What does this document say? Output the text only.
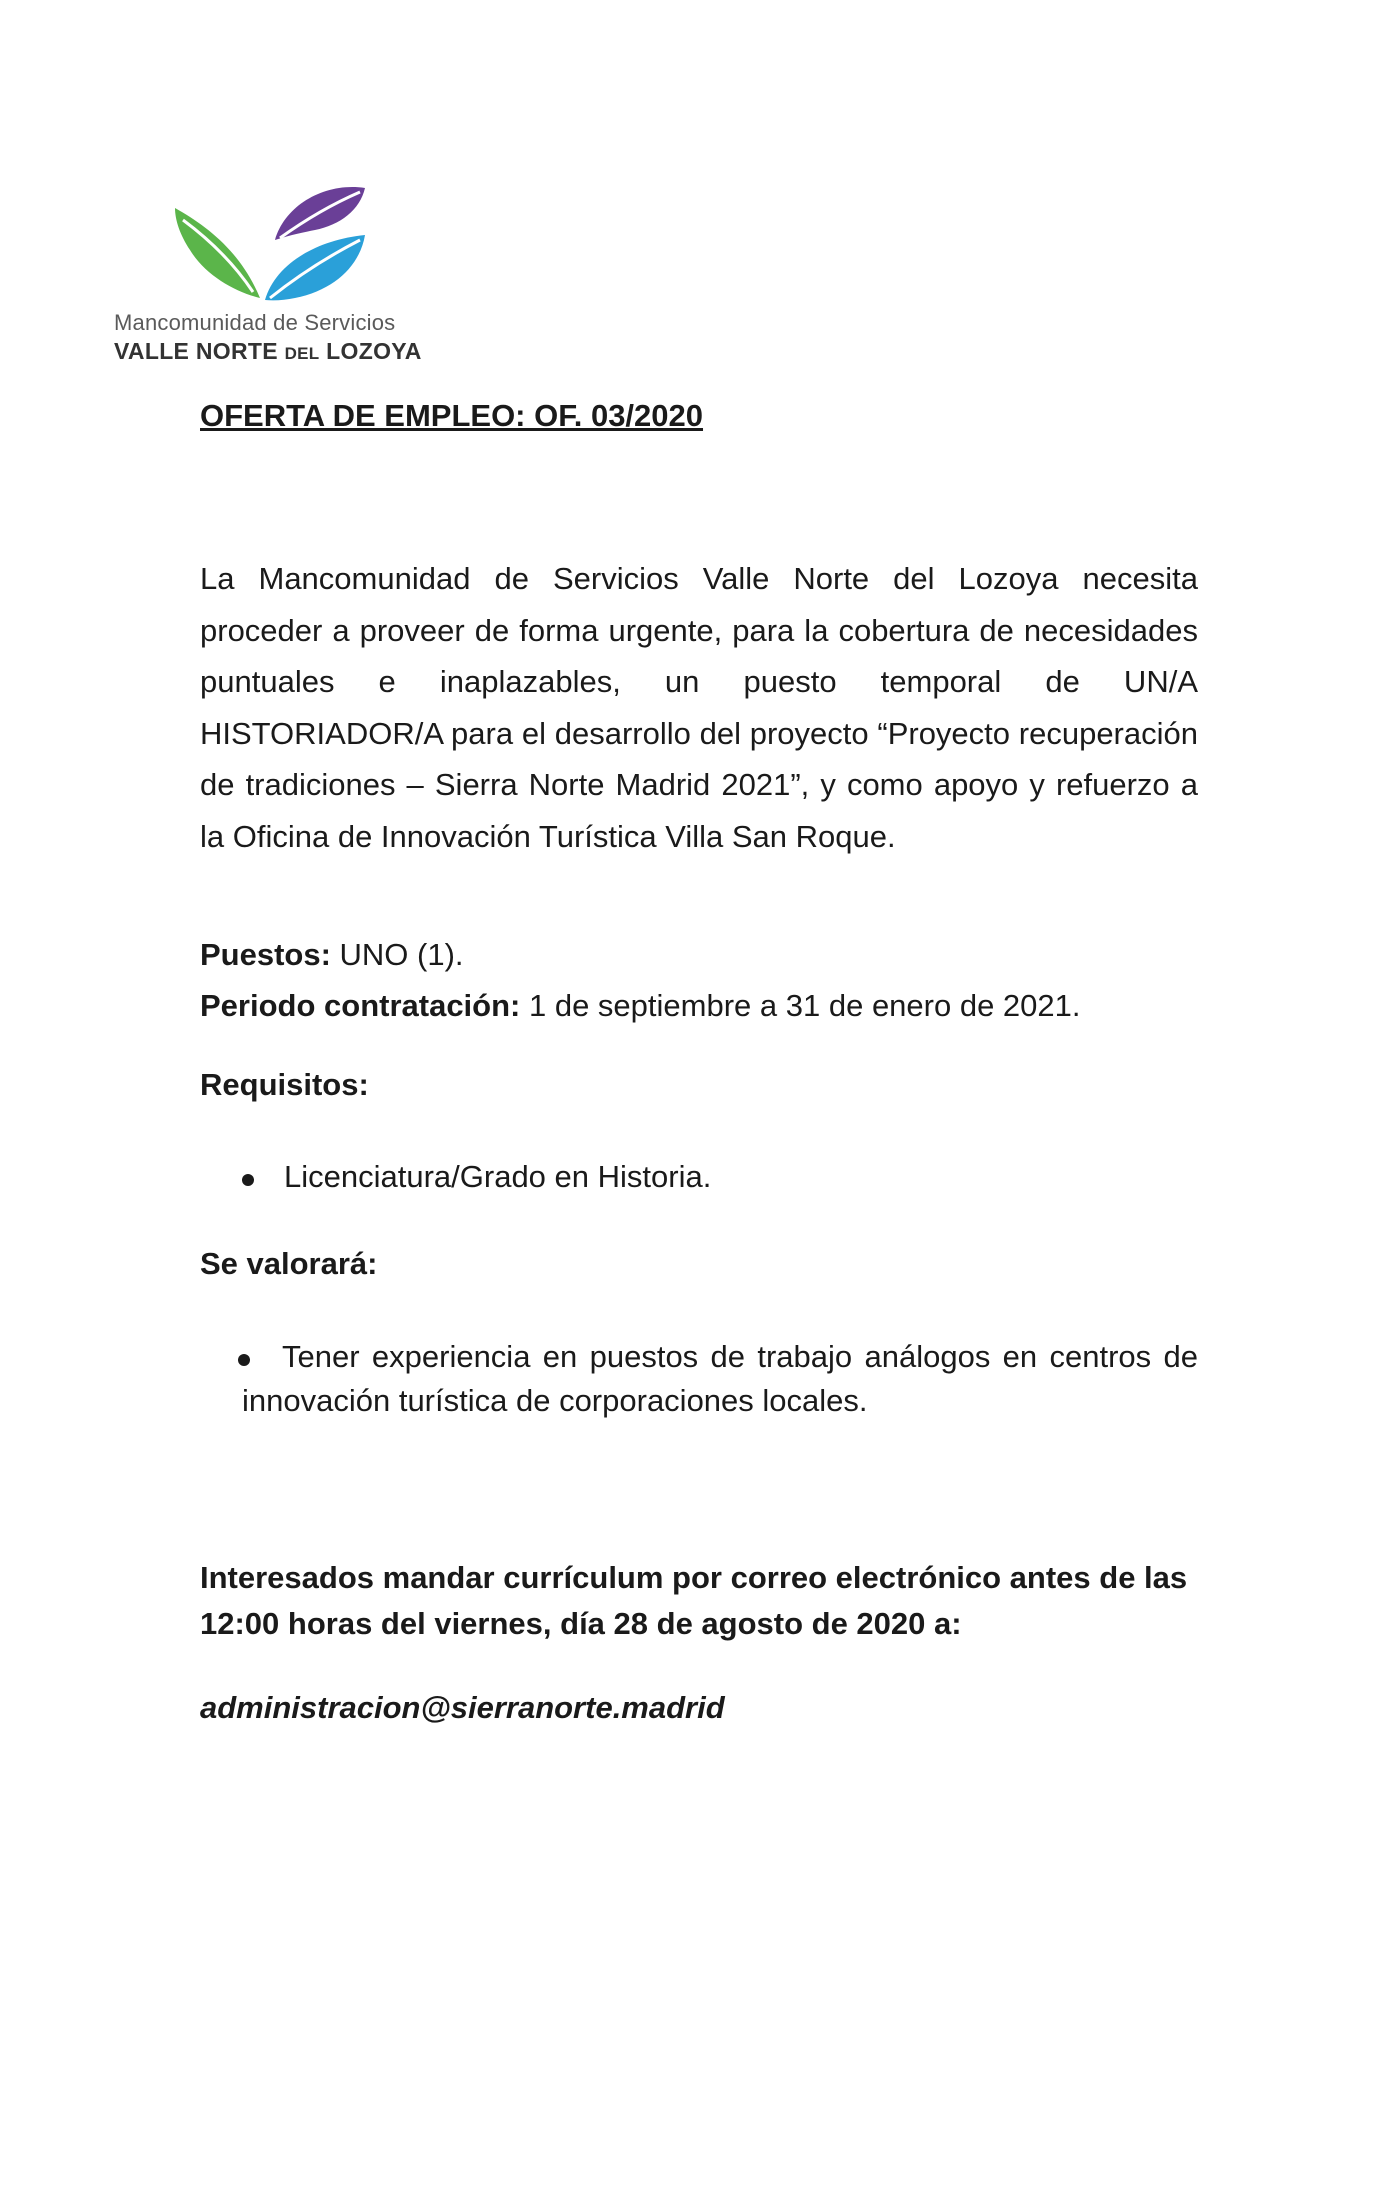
Mancomunidad de Servicios
VALLE NORTE DEL LOZOYA
OFERTA DE EMPLEO: OF. 03/2020
La Mancomunidad de Servicios Valle Norte del Lozoya necesita proceder a proveer de forma urgente, para la cobertura de necesidades puntuales e inaplazables, un puesto temporal de UN/A HISTORIADOR/A para el desarrollo del proyecto “Proyecto recuperación de tradiciones – Sierra Norte Madrid 2021”, y como apoyo y refuerzo a la Oficina de Innovación Turística Villa San Roque.
Puestos: UNO (1).
Periodo contratación: 1 de septiembre a 31 de enero de 2021.
Requisitos:
Licenciatura/Grado en Historia.
Se valorará:
Tener experiencia en puestos de trabajo análogos en centros de innovación turística de corporaciones locales.
Interesados mandar currículum por correo electrónico antes de las 12:00 horas del viernes, día 28 de agosto de 2020 a:
administracion@sierranorte.madrid
